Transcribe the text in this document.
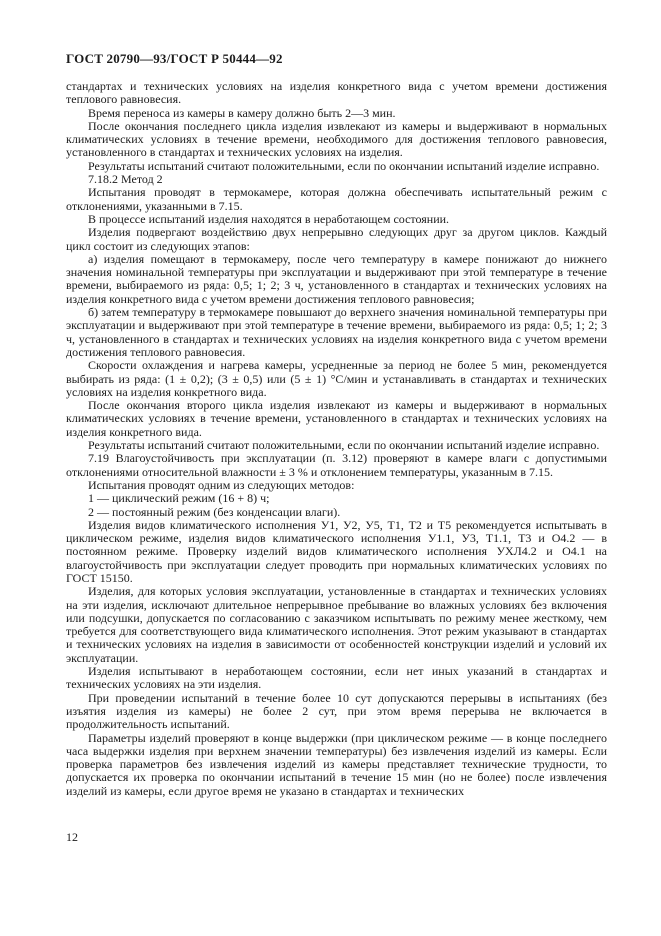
ГОСТ 20790—93/ГОСТ Р 50444—92

стандартах и технических условиях на изделия конкретного вида с учетом времени достижения теплового равновесия.

Время переноса из камеры в камеру должно быть 2—3 мин.

После окончания последнего цикла изделия извлекают из камеры и выдерживают в нормальных климатических условиях в течение времени, необходимого для достижения теплового равновесия, установленного в стандартах и технических условиях на изделия.

Результаты испытаний считают положительными, если по окончании испытаний изделие исправно.

7.18.2 Метод 2

Испытания проводят в термокамере, которая должна обеспечивать испытательный режим с отклонениями, указанными в 7.15.

В процессе испытаний изделия находятся в неработающем состоянии.

Изделия подвергают воздействию двух непрерывно следующих друг за другом циклов. Каждый цикл состоит из следующих этапов:

а) изделия помещают в термокамеру, после чего температуру в камере понижают до нижнего значения номинальной температуры при эксплуатации и выдерживают при этой температуре в течение времени, выбираемого из ряда: 0,5; 1; 2; 3 ч, установленного в стандартах и технических условиях на изделия конкретного вида с учетом времени достижения теплового равновесия;

б) затем температуру в термокамере повышают до верхнего значения номинальной температуры при эксплуатации и выдерживают при этой температуре в течение времени, выбираемого из ряда: 0,5; 1; 2; 3 ч, установленного в стандартах и технических условиях на изделия конкретного вида с учетом времени достижения теплового равновесия.

Скорости охлаждения и нагрева камеры, усредненные за период не более 5 мин, рекомендуется выбирать из ряда: (1 ± 0,2); (3 ± 0,5) или (5 ± 1) °С/мин и устанавливать в стандартах и технических условиях на изделия конкретного вида.

После окончания второго цикла изделия извлекают из камеры и выдерживают в нормальных климатических условиях в течение времени, установленного в стандартах и технических условиях на изделия конкретного вида.

Результаты испытаний считают положительными, если по окончании испытаний изделие исправно.

7.19 Влагоустойчивость при эксплуатации (п. 3.12) проверяют в камере влаги с допустимыми отклонениями относительной влажности ± 3 % и отклонением температуры, указанным в 7.15.

Испытания проводят одним из следующих методов:

1 — циклический режим (16 + 8) ч;

2 — постоянный режим (без конденсации влаги).

Изделия видов климатического исполнения У1, У2, У5, Т1, Т2 и Т5 рекомендуется испытывать в циклическом режиме, изделия видов климатического исполнения У1.1, У3, Т1.1, Т3 и О4.2 — в постоянном режиме. Проверку изделий видов климатического исполнения УХЛ4.2 и О4.1 на влагоустойчивость при эксплуатации следует проводить при нормальных климатических условиях по ГОСТ 15150.

Изделия, для которых условия эксплуатации, установленные в стандартах и технических условиях на эти изделия, исключают длительное непрерывное пребывание во влажных условиях без включения или подсушки, допускается по согласованию с заказчиком испытывать по режиму менее жесткому, чем требуется для соответствующего вида климатического исполнения. Этот режим указывают в стандартах и технических условиях на изделия в зависимости от особенностей конструкции изделий и условий их эксплуатации.

Изделия испытывают в неработающем состоянии, если нет иных указаний в стандартах и технических условиях на эти изделия.

При проведении испытаний в течение более 10 сут допускаются перерывы в испытаниях (без изъятия изделия из камеры) не более 2 сут, при этом время перерыва не включается в продолжительность испытаний.

Параметры изделий проверяют в конце выдержки (при циклическом режиме — в конце последнего часа выдержки изделия при верхнем значении температуры) без извлечения изделий из камеры. Если проверка параметров без извлечения изделий из камеры представляет технические трудности, то допускается их проверка по окончании испытаний в течение 15 мин (но не более) после извлечения изделий из камеры, если другое время не указано в стандартах и технических

12
